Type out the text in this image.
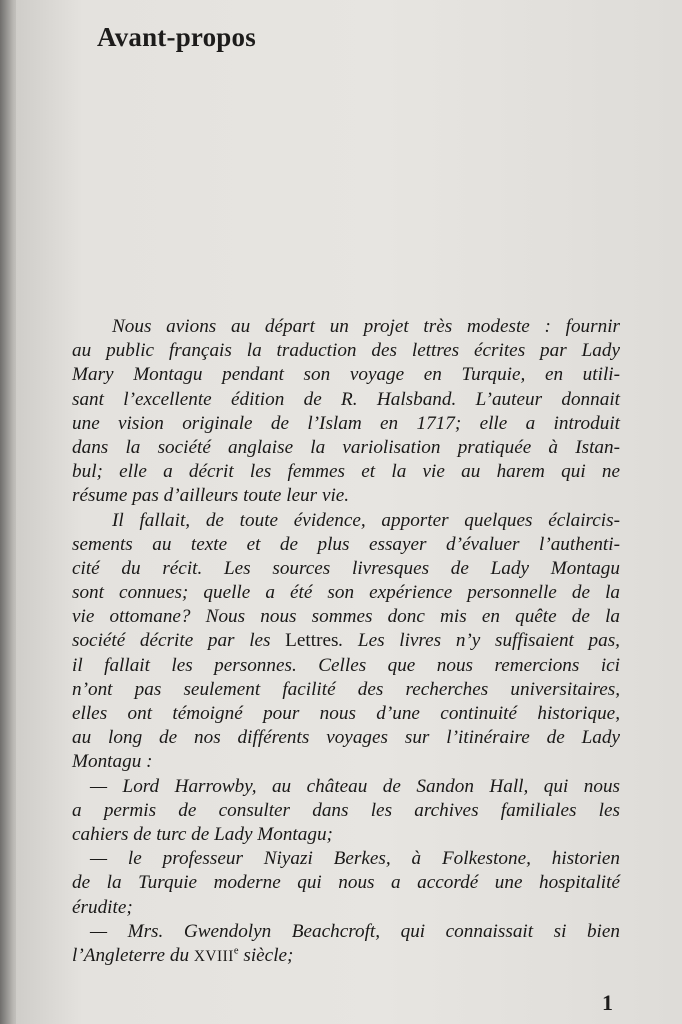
Avant-propos
Nous avions au départ un projet très modeste : fournir
au public français la traduction des lettres écrites par Lady
Mary Montagu pendant son voyage en Turquie, en utili-
sant l’excellente édition de R. Halsband. L’auteur donnait
une vision originale de l’Islam en 1717; elle a introduit
dans la société anglaise la variolisation pratiquée à Istan-
bul; elle a décrit les femmes et la vie au harem qui ne
résume pas d’ailleurs toute leur vie.
Il fallait, de toute évidence, apporter quelques éclaircis-
sements au texte et de plus essayer d’évaluer l’authenti-
cité du récit. Les sources livresques de Lady Montagu
sont connues; quelle a été son expérience personnelle de la
vie ottomane? Nous nous sommes donc mis en quête de la
société décrite par les Lettres. Les livres n’y suffisaient pas,
il fallait les personnes. Celles que nous remercions ici
n’ont pas seulement facilité des recherches universitaires,
elles ont témoigné pour nous d’une continuité historique,
au long de nos différents voyages sur l’itinéraire de Lady
Montagu :
— Lord Harrowby, au château de Sandon Hall, qui nous
a permis de consulter dans les archives familiales les
cahiers de turc de Lady Montagu;
— le professeur Niyazi Berkes, à Folkestone, historien
de la Turquie moderne qui nous a accordé une hospitalité
érudite;
— Mrs. Gwendolyn Beachcroft, qui connaissait si bien
l’Angleterre du XVIIIe siècle;
1
